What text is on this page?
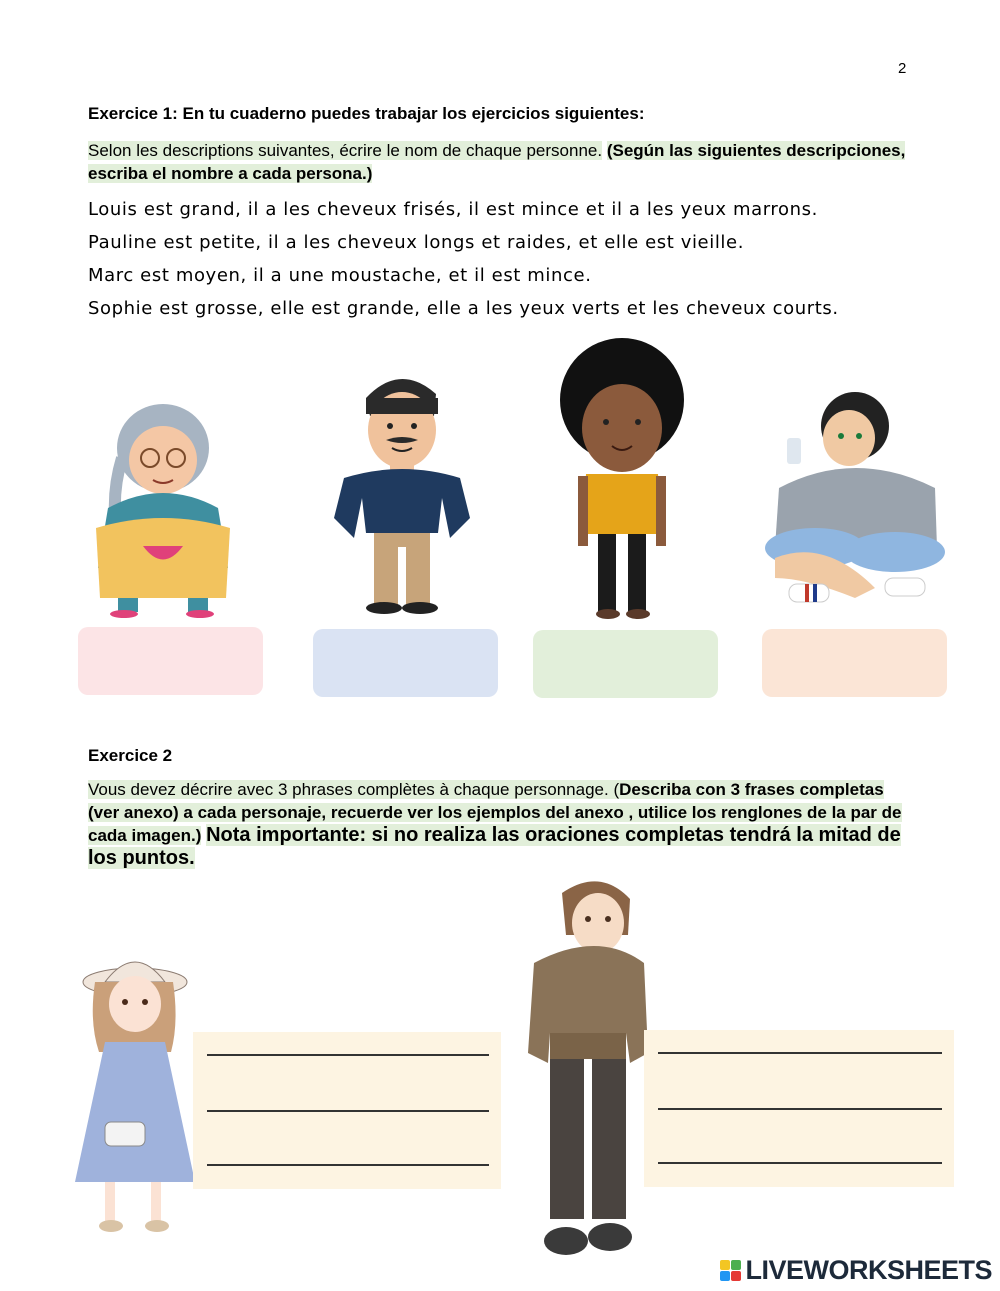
2
Exercice 1: En tu cuaderno puedes trabajar los ejercicios siguientes:
Selon les descriptions suivantes, écrire le nom de chaque personne. (Según las siguientes descripciones, escriba el nombre a cada persona.)
Louis est grand, il a les cheveux frisés, il est mince et il a les yeux marrons.
Pauline est petite, il a les cheveux longs et raides, et elle est vieille.
Marc est moyen, il a une moustache, et il est mince.
Sophie est grosse, elle est grande, elle a les yeux verts et les cheveux courts.
Exercice 2
Vous devez décrire avec 3 phrases complètes à chaque personnage. (Describa con 3 frases completas (ver anexo) a cada personaje, recuerde ver los ejemplos del anexo , utilice los renglones de la par de cada imagen.) Nota importante: si no realiza las oraciones completas tendrá la mitad de los puntos.
LIVEWORKSHEETS
